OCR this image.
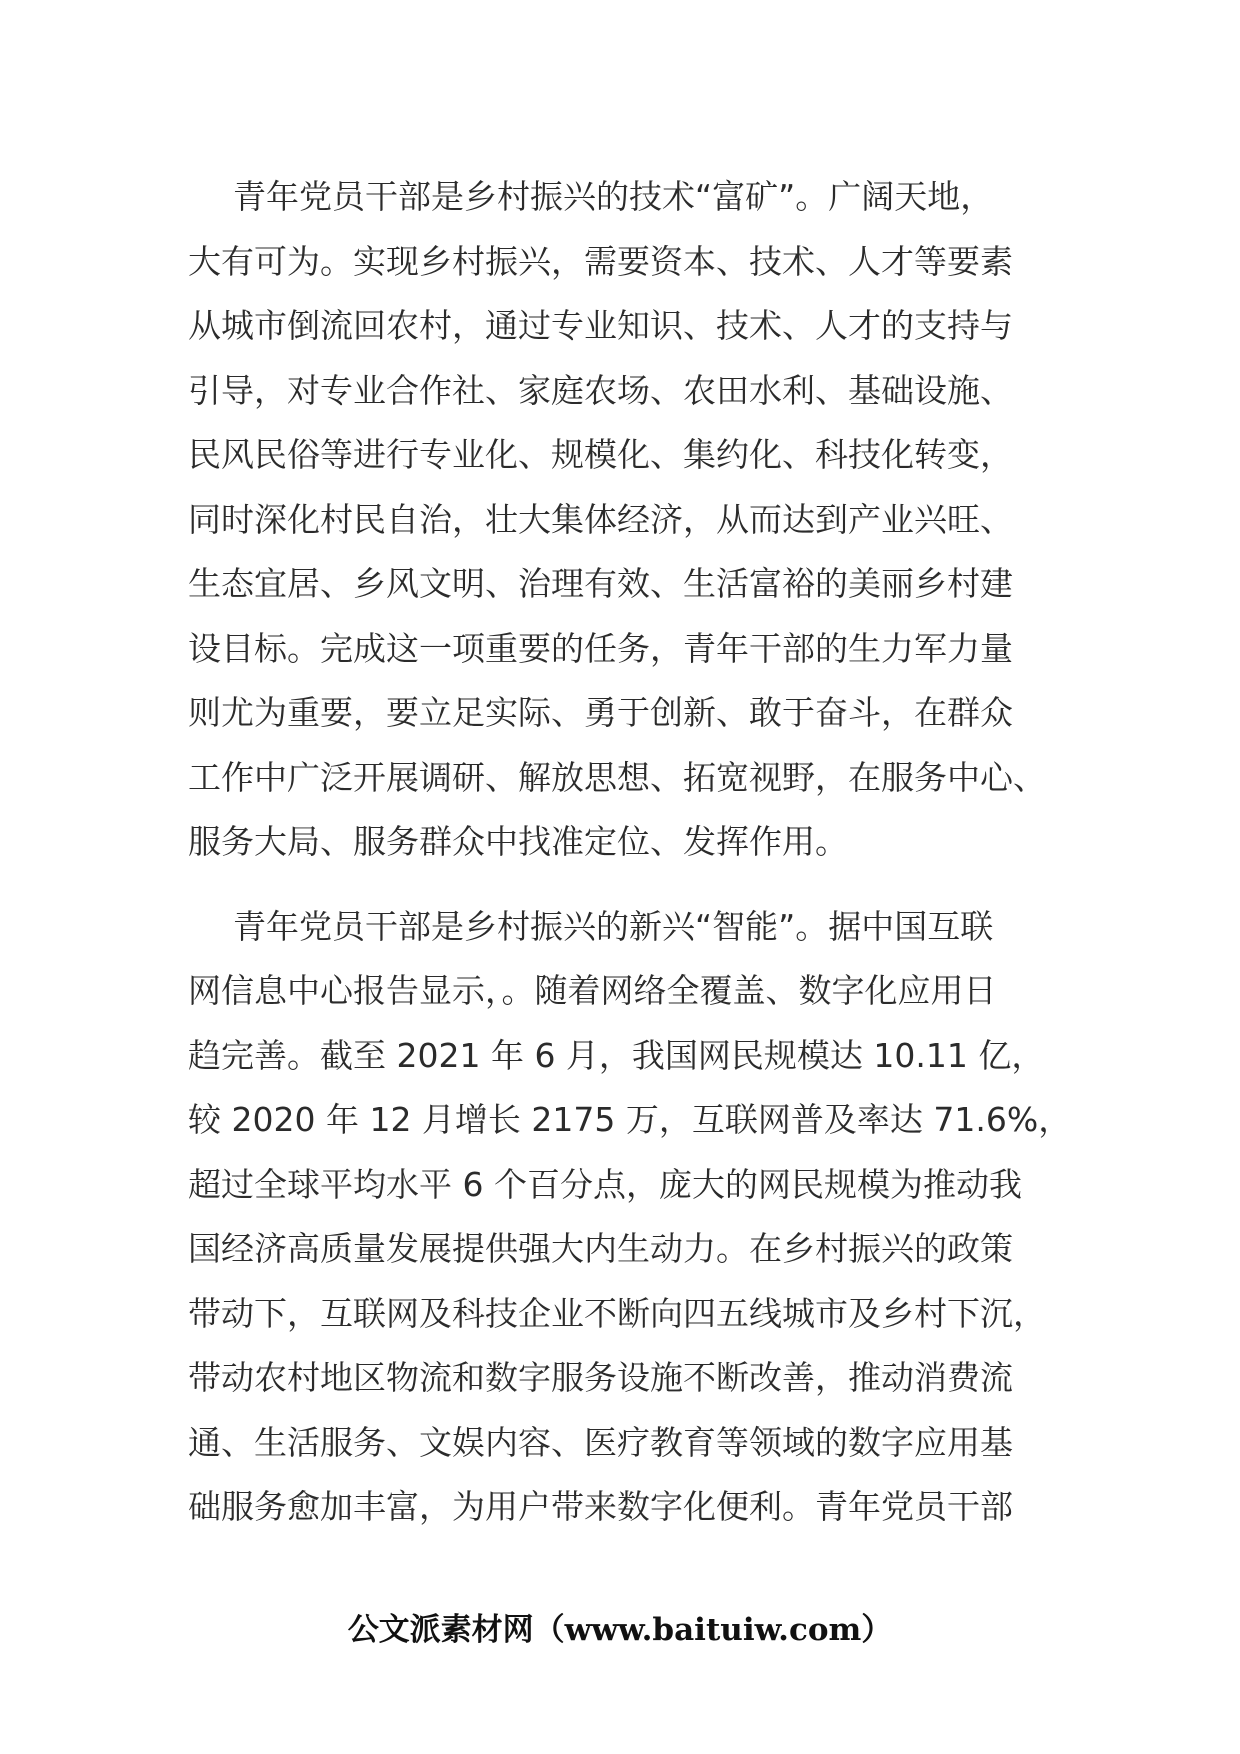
青年党员干部是乡村振兴的技术“富矿”。广阔天地，
大有可为。实现乡村振兴，需要资本、技术、人才等要素
从城市倒流回农村，通过专业知识、技术、人才的支持与
引导，对专业合作社、家庭农场、农田水利、基础设施、
民风民俗等进行专业化、规模化、集约化、科技化转变，
同时深化村民自治，壮大集体经济，从而达到产业兴旺、
生态宜居、乡风文明、治理有效、生活富裕的美丽乡村建
设目标。完成这一项重要的任务，青年干部的生力军力量
则尤为重要，要立足实际、勇于创新、敢于奋斗，在群众
工作中广泛开展调研、解放思想、拓宽视野，在服务中心、
服务大局、服务群众中找准定位、发挥作用。

青年党员干部是乡村振兴的新兴“智能”。据中国互联
网信息中心报告显示，。随着网络全覆盖、数字化应用日
趋完善。截至 2021 年 6 月，我国网民规模达 10.11 亿，
较 2020 年 12 月增长 2175 万，互联网普及率达 71.6%，
超过全球平均水平 6 个百分点，庞大的网民规模为推动我
国经济高质量发展提供强大内生动力。在乡村振兴的政策
带动下，互联网及科技企业不断向四五线城市及乡村下沉，
带动农村地区物流和数字服务设施不断改善，推动消费流
通、生活服务、文娱内容、医疗教育等领域的数字应用基
础服务愈加丰富，为用户带来数字化便利。青年党员干部

公文派素材网（www.baituiw.com）
